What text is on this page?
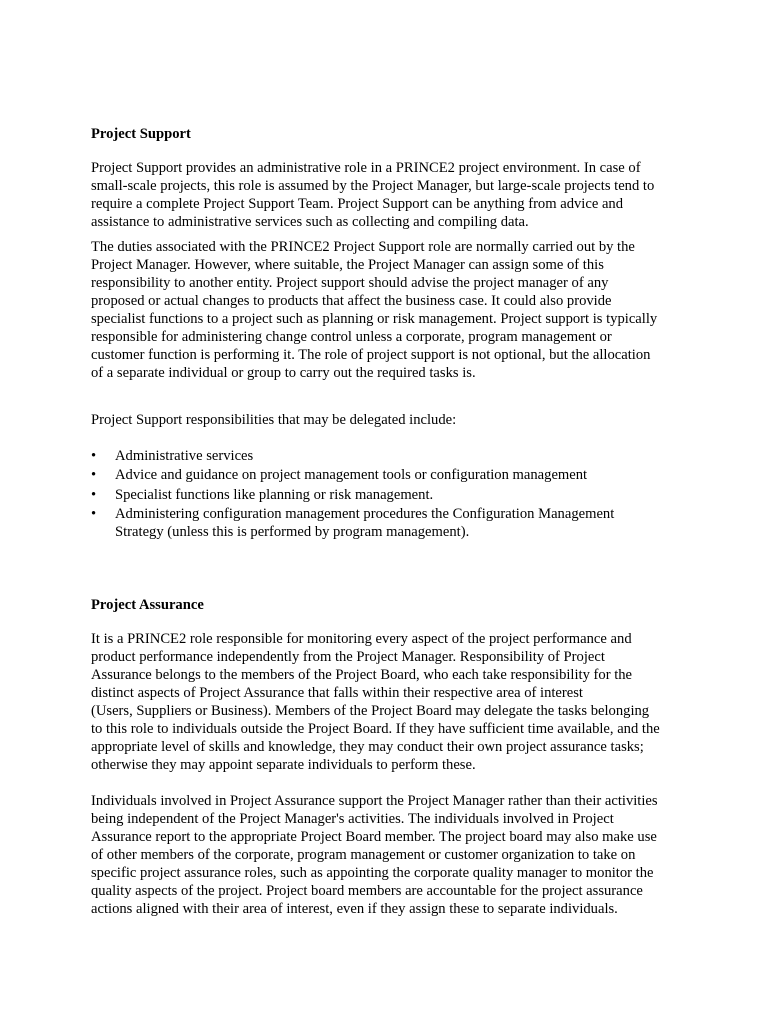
Project Support
Project Support provides an administrative role in a PRINCE2 project environment. In case of
small-scale projects, this role is assumed by the Project Manager, but large-scale projects tend to
require a complete Project Support Team. Project Support can be anything from advice and
assistance to administrative services such as collecting and compiling data.
The duties associated with the PRINCE2 Project Support role are normally carried out by the
Project Manager. However, where suitable, the Project Manager can assign some of this
responsibility to another entity. Project support should advise the project manager of any
proposed or actual changes to products that affect the business case. It could also provide
specialist functions to a project such as planning or risk management. Project support is typically
responsible for administering change control unless a corporate, program management or
customer function is performing it. The role of project support is not optional, but the allocation
of a separate individual or group to carry out the required tasks is.
Project Support responsibilities that may be delegated include:
• Administrative services
• Advice and guidance on project management tools or configuration management
• Specialist functions like planning or risk management.
• Administering configuration management procedures the Configuration Management
Strategy (unless this is performed by program management).
Project Assurance
It is a PRINCE2 role responsible for monitoring every aspect of the project performance and
product performance independently from the Project Manager. Responsibility of Project
Assurance belongs to the members of the Project Board, who each take responsibility for the
distinct aspects of Project Assurance that falls within their respective area of interest
(Users, Suppliers or Business). Members of the Project Board may delegate the tasks belonging
to this role to individuals outside the Project Board. If they have sufficient time available, and the
appropriate level of skills and knowledge, they may conduct their own project assurance tasks;
otherwise they may appoint separate individuals to perform these.
Individuals involved in Project Assurance support the Project Manager rather than their activities
being independent of the Project Manager's activities. The individuals involved in Project
Assurance report to the appropriate Project Board member. The project board may also make use
of other members of the corporate, program management or customer organization to take on
specific project assurance roles, such as appointing the corporate quality manager to monitor the
quality aspects of the project. Project board members are accountable for the project assurance
actions aligned with their area of interest, even if they assign these to separate individuals.
